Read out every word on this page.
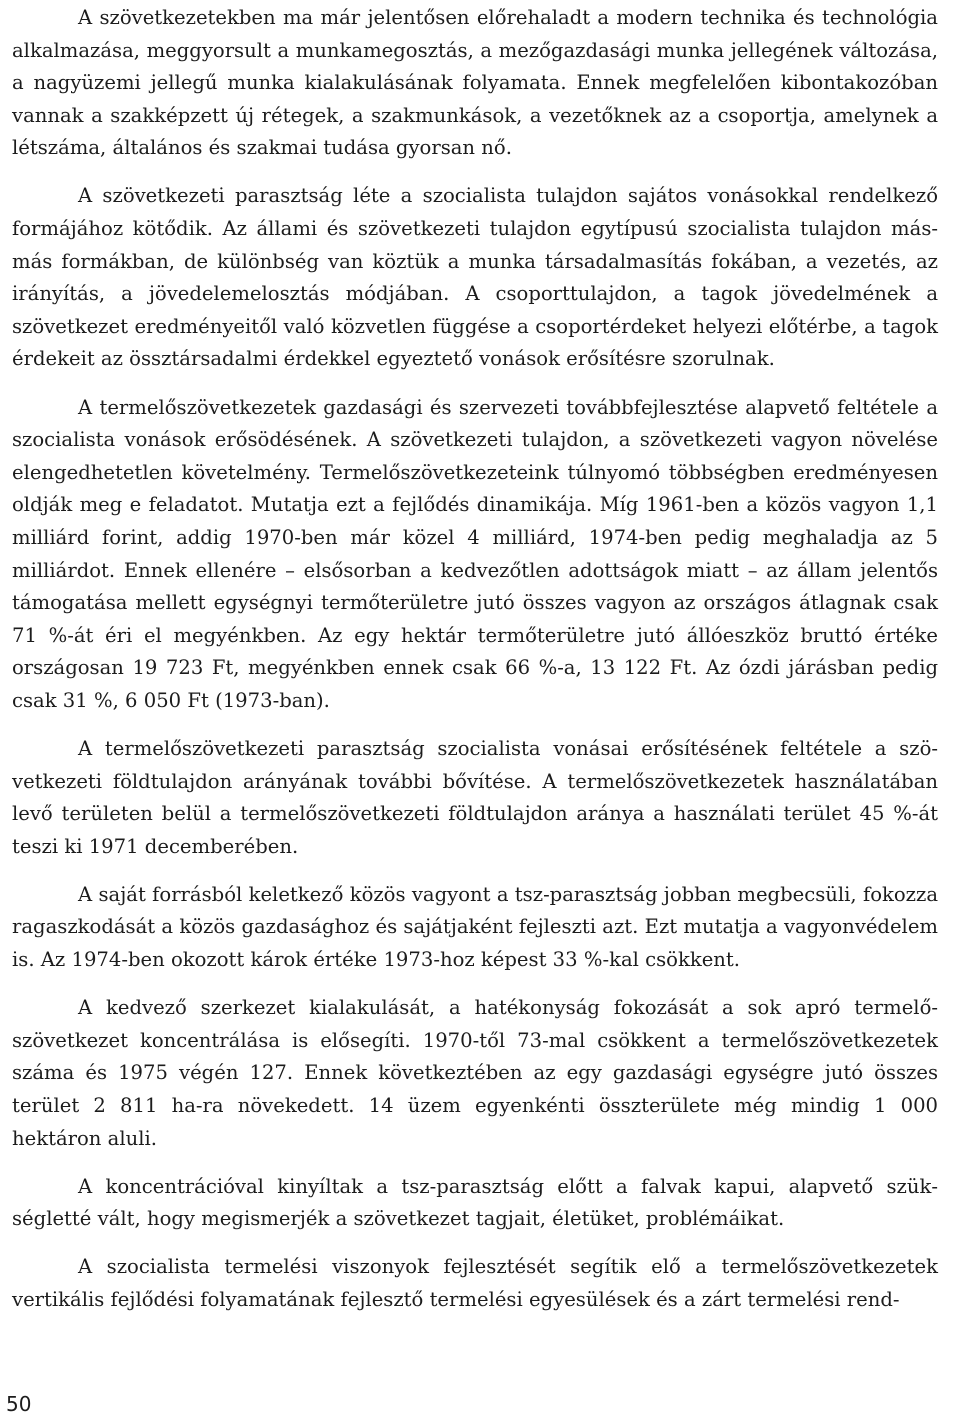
A szövetkezetekben ma már jelentősen előrehaladt a modern technika és technológia alkalmazása, meggyorsult a munkamegosztás, a mezőgazdasági munka jellegének változása, a nagyüzemi jellegű munka kialakulásának folyamata. Ennek megfelelően kibontakozóban vannak a szakképzett új rétegek, a szakmunkások, a vezetőknek az a csoportja, amelynek a létszáma, általános és szakmai tudása gyorsan nő.

A szövetkezeti parasztság léte a szocialista tulajdon sajátos vonásokkal rendelkező formájához kötődik. Az állami és szövetkezeti tulajdon egytípusú szocialista tulajdon más-más formákban, de különbség van köztük a munka társadalmasítás fokában, a vezetés, az irányítás, a jövedelemelosztás módjában. A csoporttulajdon, a tagok jövedelmének a szövetkezet eredményeitől való közvetlen függése a csoportérdeket helyezi előtérbe, a tagok érdekeit az össztársadalmi érdekkel egyeztető vonások erősítésre szorulnak.

A termelőszövetkezetek gazdasági és szervezeti továbbfejlesztése alapvető feltétele a szocialista vonások erősödésének. A szövetkezeti tulajdon, a szövetkezeti vagyon növelése elengedhetetlen követelmény. Termelőszövetkezeteink túlnyomó többségben eredményesen oldják meg e feladatot. Mutatja ezt a fejlődés dinamikája. Míg 1961-ben a közös vagyon 1,1 milliárd forint, addig 1970-ben már közel 4 milliárd, 1974-ben pedig meghaladja az 5 milliárdot. Ennek ellenére – elsősorban a kedvezőtlen adottságok miatt – az állam jelentős támogatása mellett egységnyi termőterületre jutó összes vagyon az országos átlagnak csak 71 %-át éri el megyénkben. Az egy hektár termőterületre jutó állóeszköz bruttó értéke országosan 19 723 Ft, megyénkben ennek csak 66 %-a, 13 122 Ft. Az ózdi járásban pedig csak 31 %, 6 050 Ft (1973-ban).

A termelőszövetkezeti parasztság szocialista vonásai erősítésének feltétele a szövetkezeti földtulajdon arányának további bővítése. A termelőszövetkezetek használatában levő területen belül a termelőszövetkezeti földtulajdon aránya a használati terület 45 %-át teszi ki 1971 decemberében.

A saját forrásból keletkező közös vagyont a tsz-parasztság jobban megbecsüli, fokozza ragaszkodását a közös gazdasághoz és sajátjaként fejleszti azt. Ezt mutatja a vagyonvédelem is. Az 1974-ben okozott károk értéke 1973-hoz képest 33 %-kal csökkent.

A kedvező szerkezet kialakulását, a hatékonyság fokozását a sok apró termelőszövetkezet koncentrálása is elősegíti. 1970-től 73-mal csökkent a termelőszövetkezetek száma és 1975 végén 127. Ennek következtében az egy gazdasági egységre jutó összes terület 2 811 ha-ra növekedett. 14 üzem egyenkénti összterülete még mindig 1 000 hektáron aluli.

A koncentrációval kinyíltak a tsz-parasztság előtt a falvak kapui, alapvető szükségletté vált, hogy megismerjék a szövetkezet tagjait, életüket, problémáikat.

A szocialista termelési viszonyok fejlesztését segítik elő a termelőszövetkezetek vertikális fejlődési folyamatának fejlesztő termelési egyesülések és a zárt termelési rend-

50
